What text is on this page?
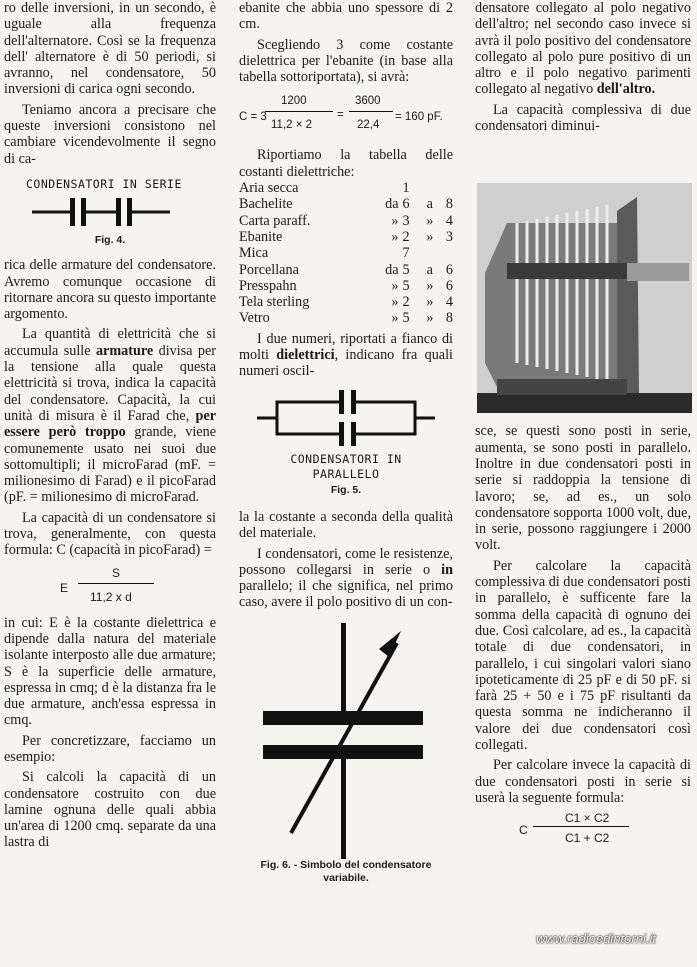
ro delle inversioni, in un secondo, è uguale alla frequenza dell'alternatore. Così se la frequenza dell' alternatore è di 50 periodi, si avranno, nel condensatore, 50 inversioni di carica ogni secondo.

Teniamo ancora a precisare che queste inversioni consistono nel cambiare vicendevolmente il segno di ca-

CONDENSATORI IN SERIE
Fig. 4.

rica delle armature del condensatore. Avremo comunque occasione di ritornare ancora su questo importante argomento.

La quantità di elettricità che si accumula sulle armature divisa per la tensione alla quale questa elettricità si trova, indica la capacità del condensatore. Capacità, la cui unità di misura è il Farad che, per essere però troppo grande, viene comunemente usato nei suoi due sottomultipli; il microFarad (mF. = milionesimo di Farad) e il picoFarad (pF. = milionesimo di microFarad.

La capacità di un condensatore si trova, generalmente, con questa formula: C (capacità in picoFarad) =

E
S
11,2 x d

in cui: E è la costante dielettrica e dipende dalla natura del materiale isolante interposto alle due armature; S è la superficie delle armature, espressa in cmq; d è la distanza fra le due armature, anch'essa espressa in cmq.

Per concretizzare, facciamo un esempio:

Si calcoli la capacità di un condensatore costruito con due lamine ognuna delle quali abbia un'area di 1200 cmq. separate da una lastra di

ebanite che abbia uno spessore di 2 cm.

Scegliendo 3 come costante dielettrica per l'ebanite (in base alla tabella sottoriportata), si avrà:

C = 3
1200
11,2 × 2
=
3600
22,4
= 160 pF.

Riportiamo la tabella delle costanti dielettriche:

Aria secca		1		
Bachelite	da	6	a	8
Carta paraff.	»	3	»	4
Ebanite	»	2	»	3
Mica		7		
Porcellana	da	5	a	6
Presspahn	»	5	»	6
Tela sterling	»	2	»	4
Vetro	»	5	»	8

I due numeri, riportati a fianco di molti dielettrici, indicano fra quali numeri oscil-

CONDENSATORI IN
PARALLELO
Fig. 5.

la la costante a seconda della qualità del materiale.

I condensatori, come le resistenze, possono collegarsi in serie o in parallelo; il che significa, nel primo caso, avere il polo positivo di un con-

Fig. 6. - Simbolo del condensatore variabile.

densatore collegato al polo negativo dell'altro; nel secondo caso invece si avrà il polo positivo del condensatore collegato al polo pure positivo di un altro e il polo negativo parimenti collegato al negativo dell'altro.

La capacità complessiva di due condensatori diminui-

sce, se questi sono posti in serie, aumenta, se sono posti in parallelo. Inoltre in due condensatori posti in serie si raddoppia la tensione di lavoro; se, ad es., un solo condensatore sopporta 1000 volt, due, in serie, possono raggiungere i 2000 volt.

Per calcolare la capacità complessiva di due condensatori posti in parallelo, è sufficente fare la somma della capacità di ognuno dei due. Così calcolare, ad es., la capacità totale di due condensatori, in parallelo, i cui singolari valori siano ipoteticamente di 25 pF e di 50 pF. si farà 25 + 50 e i 75 pF risultanti da questa somma ne indicheranno il valore dei due condensatori così collegati.

Per calcolare invece la capacità di due condensatori posti in serie si userà la seguente formula:

C
C1 × C2
C1 + C2
www.radioedintorni.it
